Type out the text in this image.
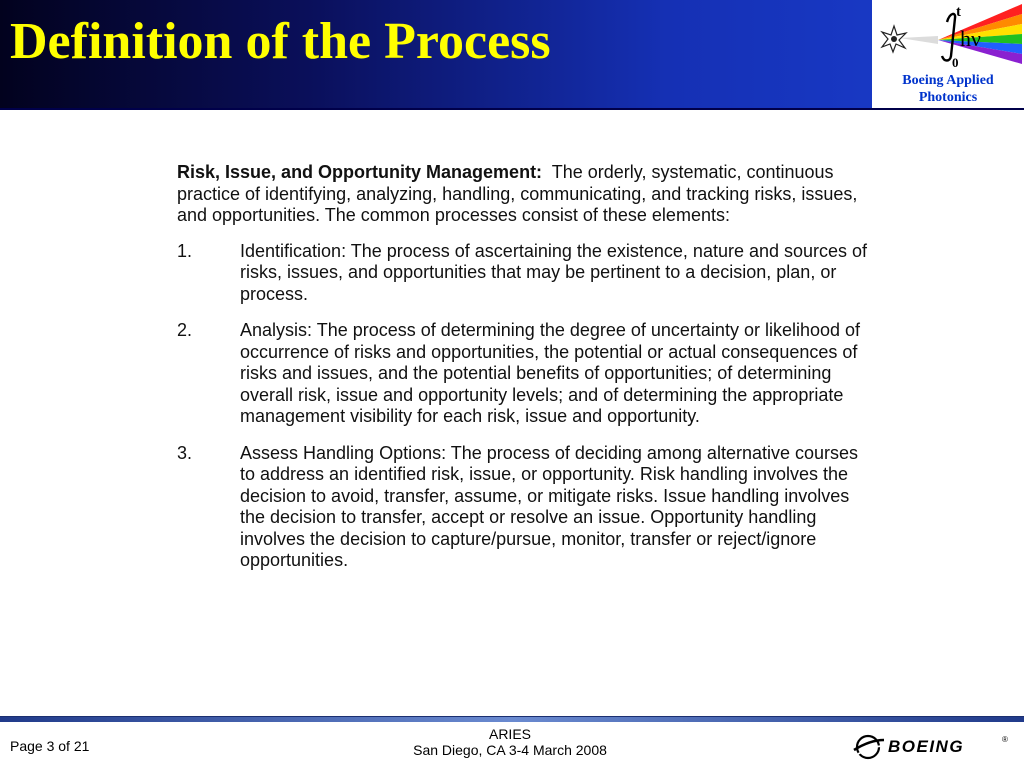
Definition of the Process
t
0
hν
Boeing Applied
Photonics

Risk, Issue, and Opportunity Management: The orderly, systematic, continuous practice of identifying, analyzing, handling, communicating, and tracking risks, issues, and opportunities. The common processes consist of these elements:

1.	Identification: The process of ascertaining the existence, nature and sources of risks, issues, and opportunities that may be pertinent to a decision, plan, or process.
2.	Analysis: The process of determining the degree of uncertainty or likelihood of occurrence of risks and opportunities, the potential or actual consequences of risks and issues, and the potential benefits of opportunities; of determining overall risk, issue and opportunity levels; and of determining the appropriate management visibility for each risk, issue and opportunity.
3.	Assess Handling Options: The process of deciding among alternative courses to address an identified risk, issue, or opportunity. Risk handling involves the decision to avoid, transfer, assume, or mitigate risks. Issue handling involves the decision to transfer, accept or resolve an issue. Opportunity handling involves the decision to capture/pursue, monitor, transfer or reject/ignore opportunities.
Page 3 of 21
ARIES
San Diego, CA 3-4 March 2008	BOEING	®
